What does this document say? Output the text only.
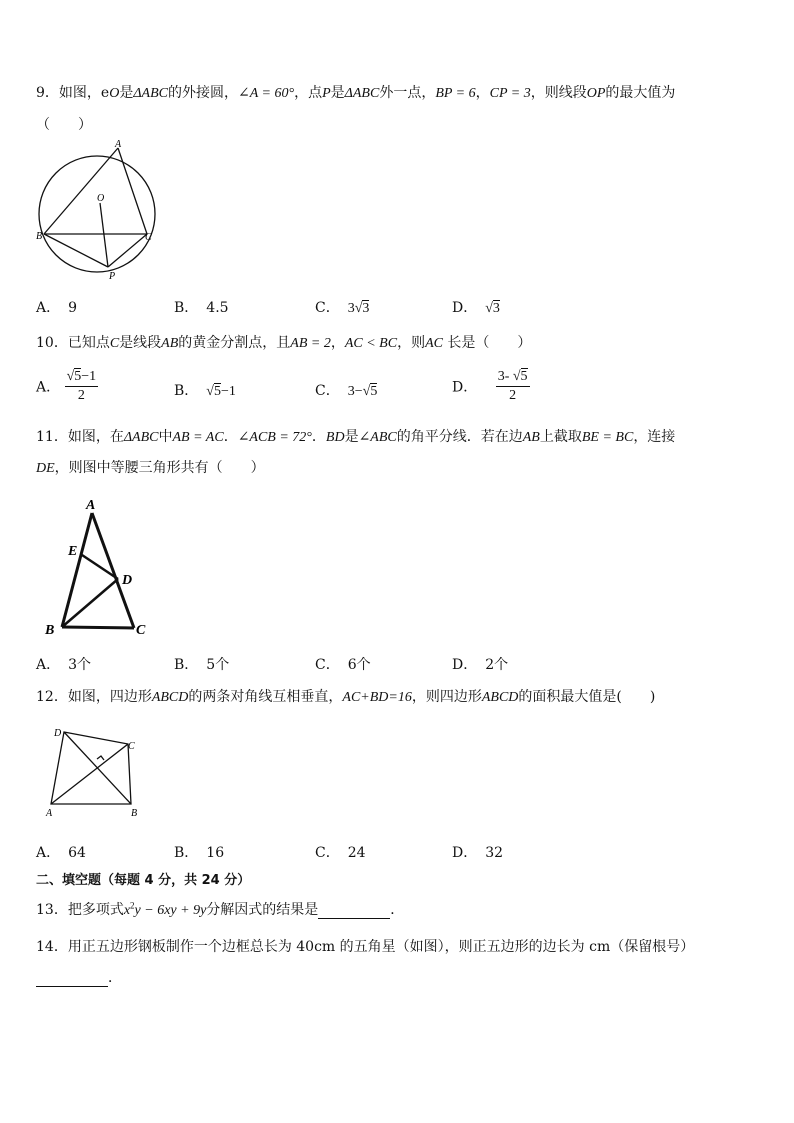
9．如图，eO是ΔABC的外接圆，∠A = 60°，点P是ΔABC外一点，BP = 6，CP = 3，则线段OP的最大值为
（　　）
A
B	C
O
P
A． 9	B． 4.5	C． 3√3	D． √3
10．已知点C是线段AB的黄金分割点，且AB = 2，AC < BC，则AC 长是（　　）
A． $\frac{√5-1}{2}$	B． √5−1	C． 3−√5	D． $\frac{3- √5}{2}$
11．如图，在ΔABC中AB = AC．∠ACB = 72°．BD是∠ABC的角平分线．若在边AB上截取BE = BC，连接
DE，则图中等腰三角形共有（　　）
A
E
D
B	C
A． 3个	B． 5个	C． 6个	D． 2个
12．如图，四边形ABCD的两条对角线互相垂直，AC+BD=16，则四边形ABCD的面积最大值是(　　)
D
C
A	B
A． 64	B． 16	C． 24	D． 32
二、填空题（每题 4 分，共 24 分）
13．把多项式$x^2y - 6xy + 9y$分解因式的结果是	．
14．用正五边形钢板制作一个边框总长为 40cm 的五角星（如图），则正五边形的边长为 cm（保留根号）
．
